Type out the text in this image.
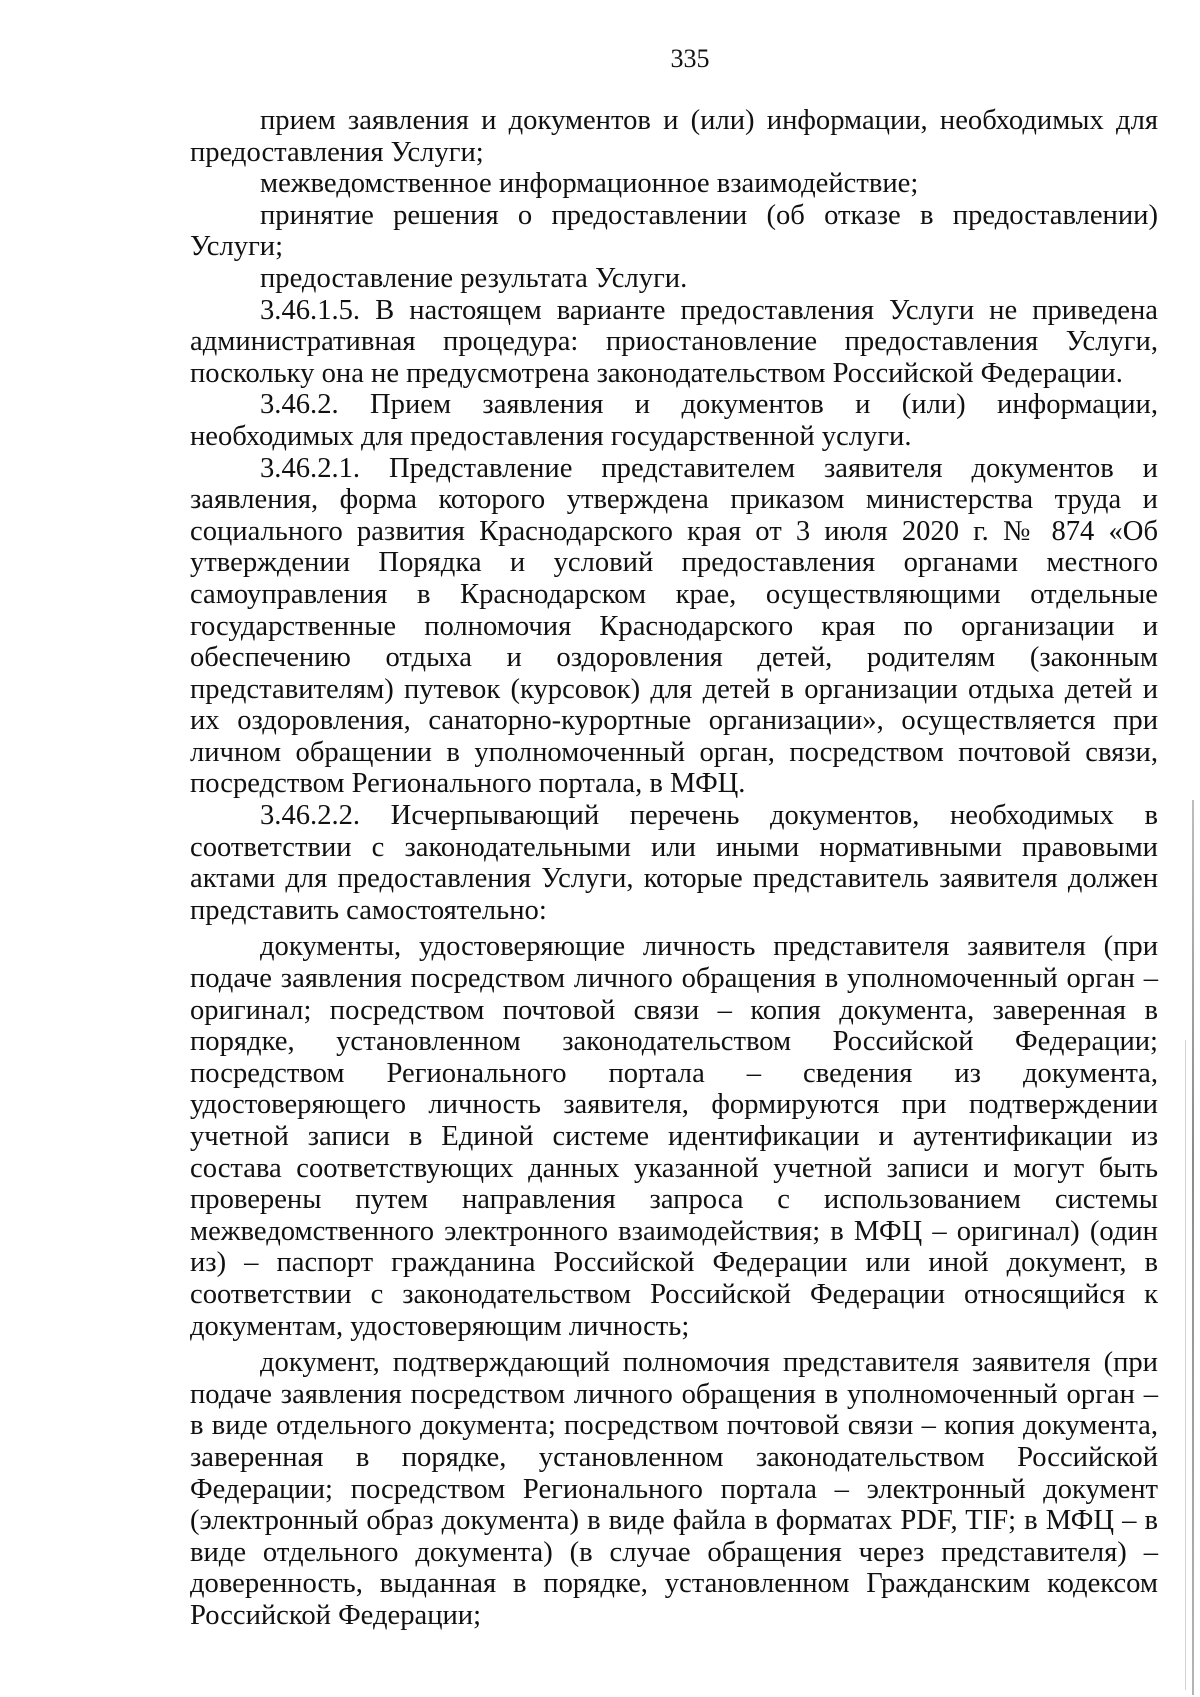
335

прием заявления и документов и (или) информации, необходимых для предоставления Услуги;

межведомственное информационное взаимодействие;

принятие решения о предоставлении (об отказе в предоставлении) Услуги;

предоставление результата Услуги.

3.46.1.5. В настоящем варианте предоставления Услуги не приведена административная процедура: приостановление предоставления Услуги, поскольку она не предусмотрена законодательством Российской Федерации.

3.46.2. Прием заявления и документов и (или) информации, необходимых для предоставления государственной услуги.

3.46.2.1. Представление представителем заявителя документов и заявления, форма которого утверждена приказом министерства труда и социального развития Краснодарского края от 3 июля 2020 г. № 874 «Об утверждении Порядка и условий предоставления органами местного самоуправления в Краснодарском крае, осуществляющими отдельные государственные полномочия Краснодарского края по организации и обеспечению отдыха и оздоровления детей, родителям (законным представителям) путевок (курсовок) для детей в организации отдыха детей и их оздоровления, санаторно-курортные организации», осуществляется при личном обращении в уполномоченный орган, посредством почтовой связи, посредством Регионального портала, в МФЦ.

3.46.2.2. Исчерпывающий перечень документов, необходимых в соответствии с законодательными или иными нормативными правовыми актами для предоставления Услуги, которые представитель заявителя должен представить самостоятельно:

документы, удостоверяющие личность представителя заявителя (при подаче заявления посредством личного обращения в уполномоченный орган – оригинал; посредством почтовой связи – копия документа, заверенная в порядке, установленном законодательством Российской Федерации; посредством Регионального портала – сведения из документа, удостоверяющего личность заявителя, формируются при подтверждении учетной записи в Единой системе идентификации и аутентификации из состава соответствующих данных указанной учетной записи и могут быть проверены путем направления запроса с использованием системы межведомственного электронного взаимодействия; в МФЦ – оригинал) (один из) – паспорт гражданина Российской Федерации или иной документ, в соответствии с законодательством Российской Федерации относящийся к документам, удостоверяющим личность;

документ, подтверждающий полномочия представителя заявителя (при подаче заявления посредством личного обращения в уполномоченный орган – в виде отдельного документа; посредством почтовой связи – копия документа, заверенная в порядке, установленном законодательством Российской Федерации; посредством Регионального портала – электронный документ (электронный образ документа) в виде файла в форматах PDF, TIF; в МФЦ – в виде отдельного документа) (в случае обращения через представителя) – доверенность, выданная в порядке, установленном Гражданским кодексом Российской Федерации;
